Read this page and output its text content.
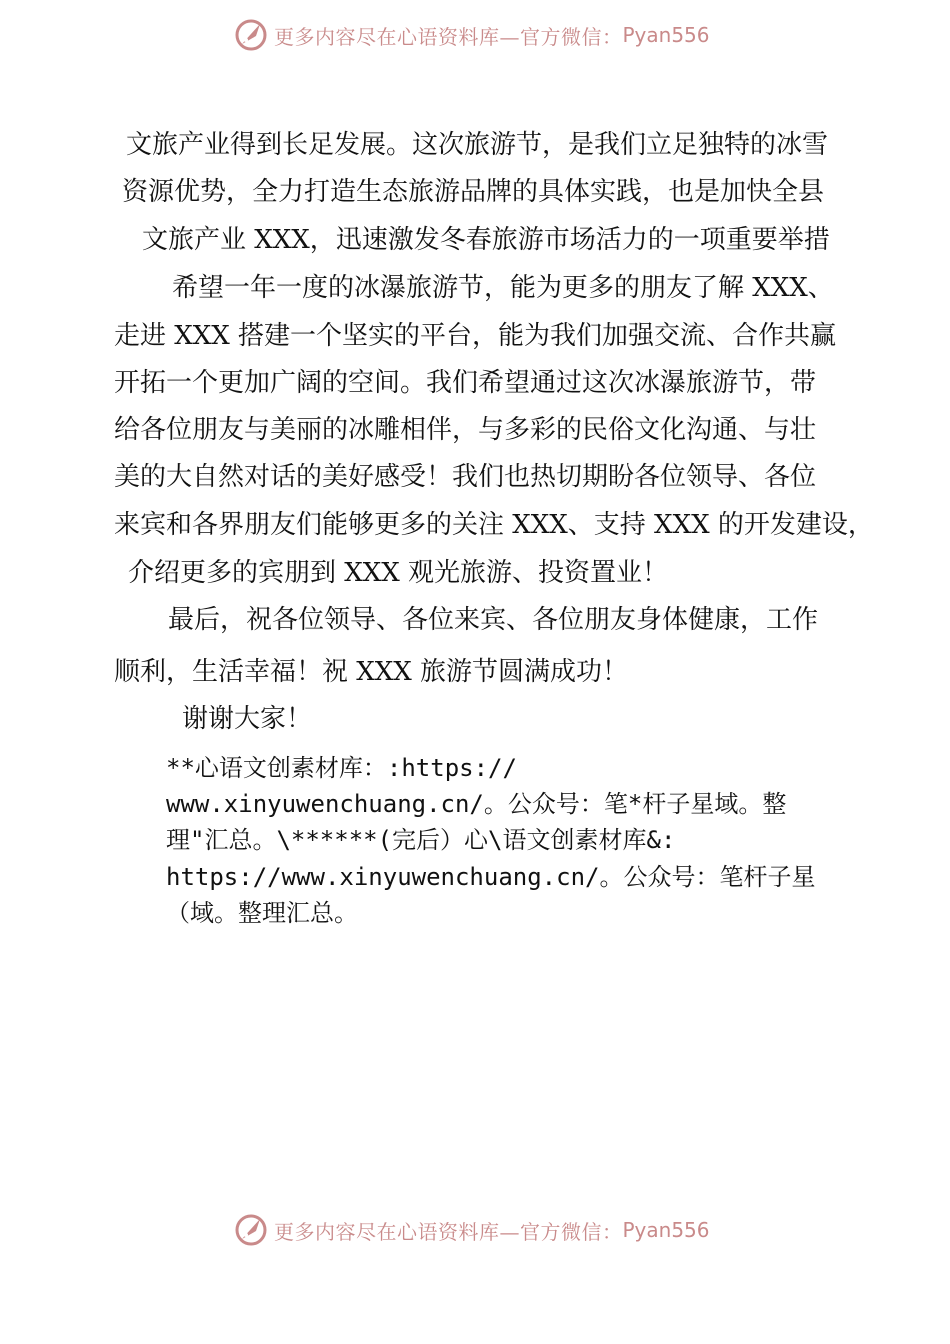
更多内容尽在心语资料库—官方微信： Pyan556
文旅产业得到长足发展。这次旅游节，是我们立足独特的冰雪
资源优势，全力打造生态旅游品牌的具体实践，也是加快全县
文旅产业 XXX，迅速激发冬春旅游市场活力的一项重要举措
希望一年一度的冰瀑旅游节，能为更多的朋友了解 XXX、
走进 XXX 搭建一个坚实的平台，能为我们加强交流、合作共赢
开拓一个更加广阔的空间。我们希望通过这次冰瀑旅游节，带
给各位朋友与美丽的冰雕相伴，与多彩的民俗文化沟通、与壮
美的大自然对话的美好感受！我们也热切期盼各位领导、各位
来宾和各界朋友们能够更多的关注 XXX、支持 XXX 的开发建设，
介绍更多的宾朋到 XXX 观光旅游、投资置业！
最后，祝各位领导、各位来宾、各位朋友身体健康，工作
顺利，生活幸福！祝 XXX 旅游节圆满成功！
谢谢大家！
**心语文创素材库：:https://
www.xinyuwenchuang.cn/。公众号：笔*杆子星域。整
理"汇总。\******(完后）心\语文创素材库&:
https://www.xinyuwenchuang.cn/。公众号：笔杆子星
（域。整理汇总。
更多内容尽在心语资料库—官方微信： Pyan556
